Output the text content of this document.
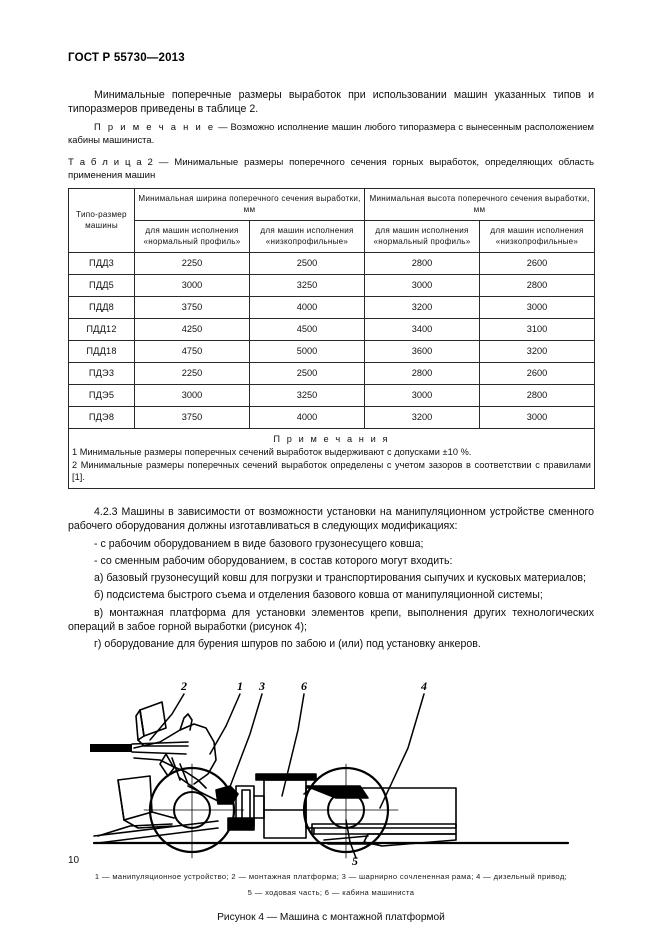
ГОСТ Р 55730—2013

Минимальные поперечные размеры выработок при использовании машин указанных типов и типоразмеров приведены в таблице 2.

П р и м е ч а н и е — Возможно исполнение машин любого типоразмера с вынесенным расположением кабины машиниста.

Т а б л и ц а 2 — Минимальные размеры поперечного сечения горных выработок, определяющих область применения машин

Типо-размер машины	Минимальная ширина поперечного сечения выработки, мм		Минимальная высота поперечного сечения выработки, мм	
	для машин исполнения «нормальный профиль»	для машин исполнения «низкопрофильные»	для машин исполнения «нормальный профиль»	для машин исполнения «низкопрофильные»
ПДД3	2250	2500	2800	2600
ПДД5	3000	3250	3000	2800
ПДД8	3750	4000	3200	3000
ПДД12	4250	4500	3400	3100
ПДД18	4750	5000	3600	3200
ПДЭ3	2250	2500	2800	2600
ПДЭ5	3000	3250	3000	2800
ПДЭ8	3750	4000	3200	3000

П р и м е ч а н и я
1 Минимальные размеры поперечных сечений выработок выдерживают с допусками ±10 %.
2 Минимальные размеры поперечных сечений выработок определены с учетом зазоров в соответствии с правилами [1].				

4.2.3 Машины в зависимости от возможности установки на манипуляционном устройстве сменного рабочего оборудования должны изготавливаться в следующих модификациях:

- с рабочим оборудованием в виде базового грузонесущего ковша;

- со сменным рабочим оборудованием, в состав которого могут входить:

а) базовый грузонесущий ковш для погрузки и транспортирования сыпучих и кусковых материалов;

б) подсистема быстрого съема и отделения базового ковша от манипуляционной системы;

в) монтажная платформа для установки элементов крепи, выполнения других технологических операций в забое горной выработки (рисунок 4);

г) оборудование для бурения шпуров по забою и (или) под установку анкеров.

2	1 3	6	4
5
1 — манипуляционное устройство; 2 — монтажная платформа; 3 — шарнирно сочлененная рама; 4 — дизельный привод;
5 — ходовая часть; 6 — кабина машиниста
Рисунок 4 — Машина с монтажной платформой
10
